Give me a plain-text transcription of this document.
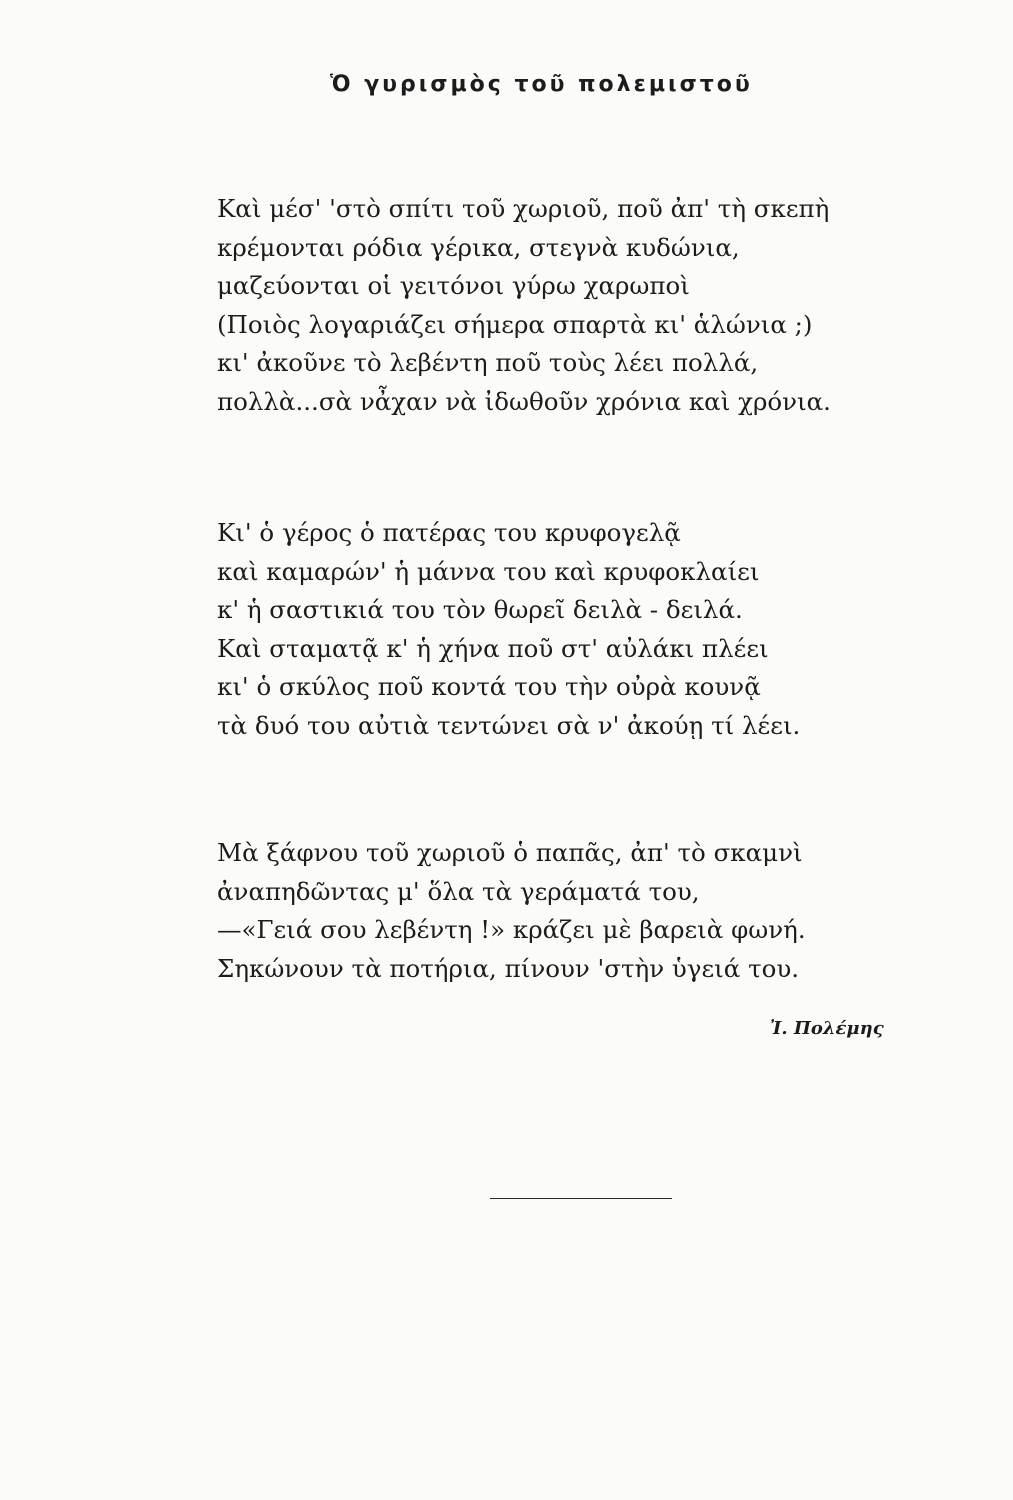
Ὁ γυρισμὸς τοῦ πολεμιστοῦ
Καὶ μέσ' 'στὸ σπίτι τοῦ χωριοῦ, ποῦ ἀπ' τὴ σκεπὴ
κρέμονται ρόδια γέρικα, στεγνὰ κυδώνια,
μαζεύονται οἱ γειτόνοι γύρω χαρωποὶ
(Ποιὸς λογαριάζει σήμερα σπαρτὰ κι' ἁλώνια ;)
κι' ἀκοῦνε τὸ λεβέντη ποῦ τοὺς λέει πολλά,
πολλὰ...σὰ νἆχαν νὰ ἰδωθοῦν χρόνια καὶ χρόνια.
Κι' ὁ γέρος ὁ πατέρας του κρυφογελᾷ
καὶ καμαρών' ἡ μάννα του καὶ κρυφοκλαίει
κ' ἡ σαστικιά του τὸν θωρεῖ δειλὰ - δειλά.
Καὶ σταματᾷ κ' ἡ χήνα ποῦ στ' αὐλάκι πλέει
κι' ὁ σκύλος ποῦ κοντά του τὴν οὐρὰ κουνᾷ
τὰ δυό του αὐτιὰ τεντώνει σὰ ν' ἀκούῃ τί λέει.
Μὰ ξάφνου τοῦ χωριοῦ ὁ παπᾶς, ἀπ' τὸ σκαμνὶ
ἀναπηδῶντας μ' ὅλα τὰ γεράματά του,
—«Γειά σου λεβέντη !» κράζει μὲ βαρειὰ φωνή.
Σηκώνουν τὰ ποτήρια, πίνουν 'στὴν ὑγειά του.
Ἰ. Πολέμης
